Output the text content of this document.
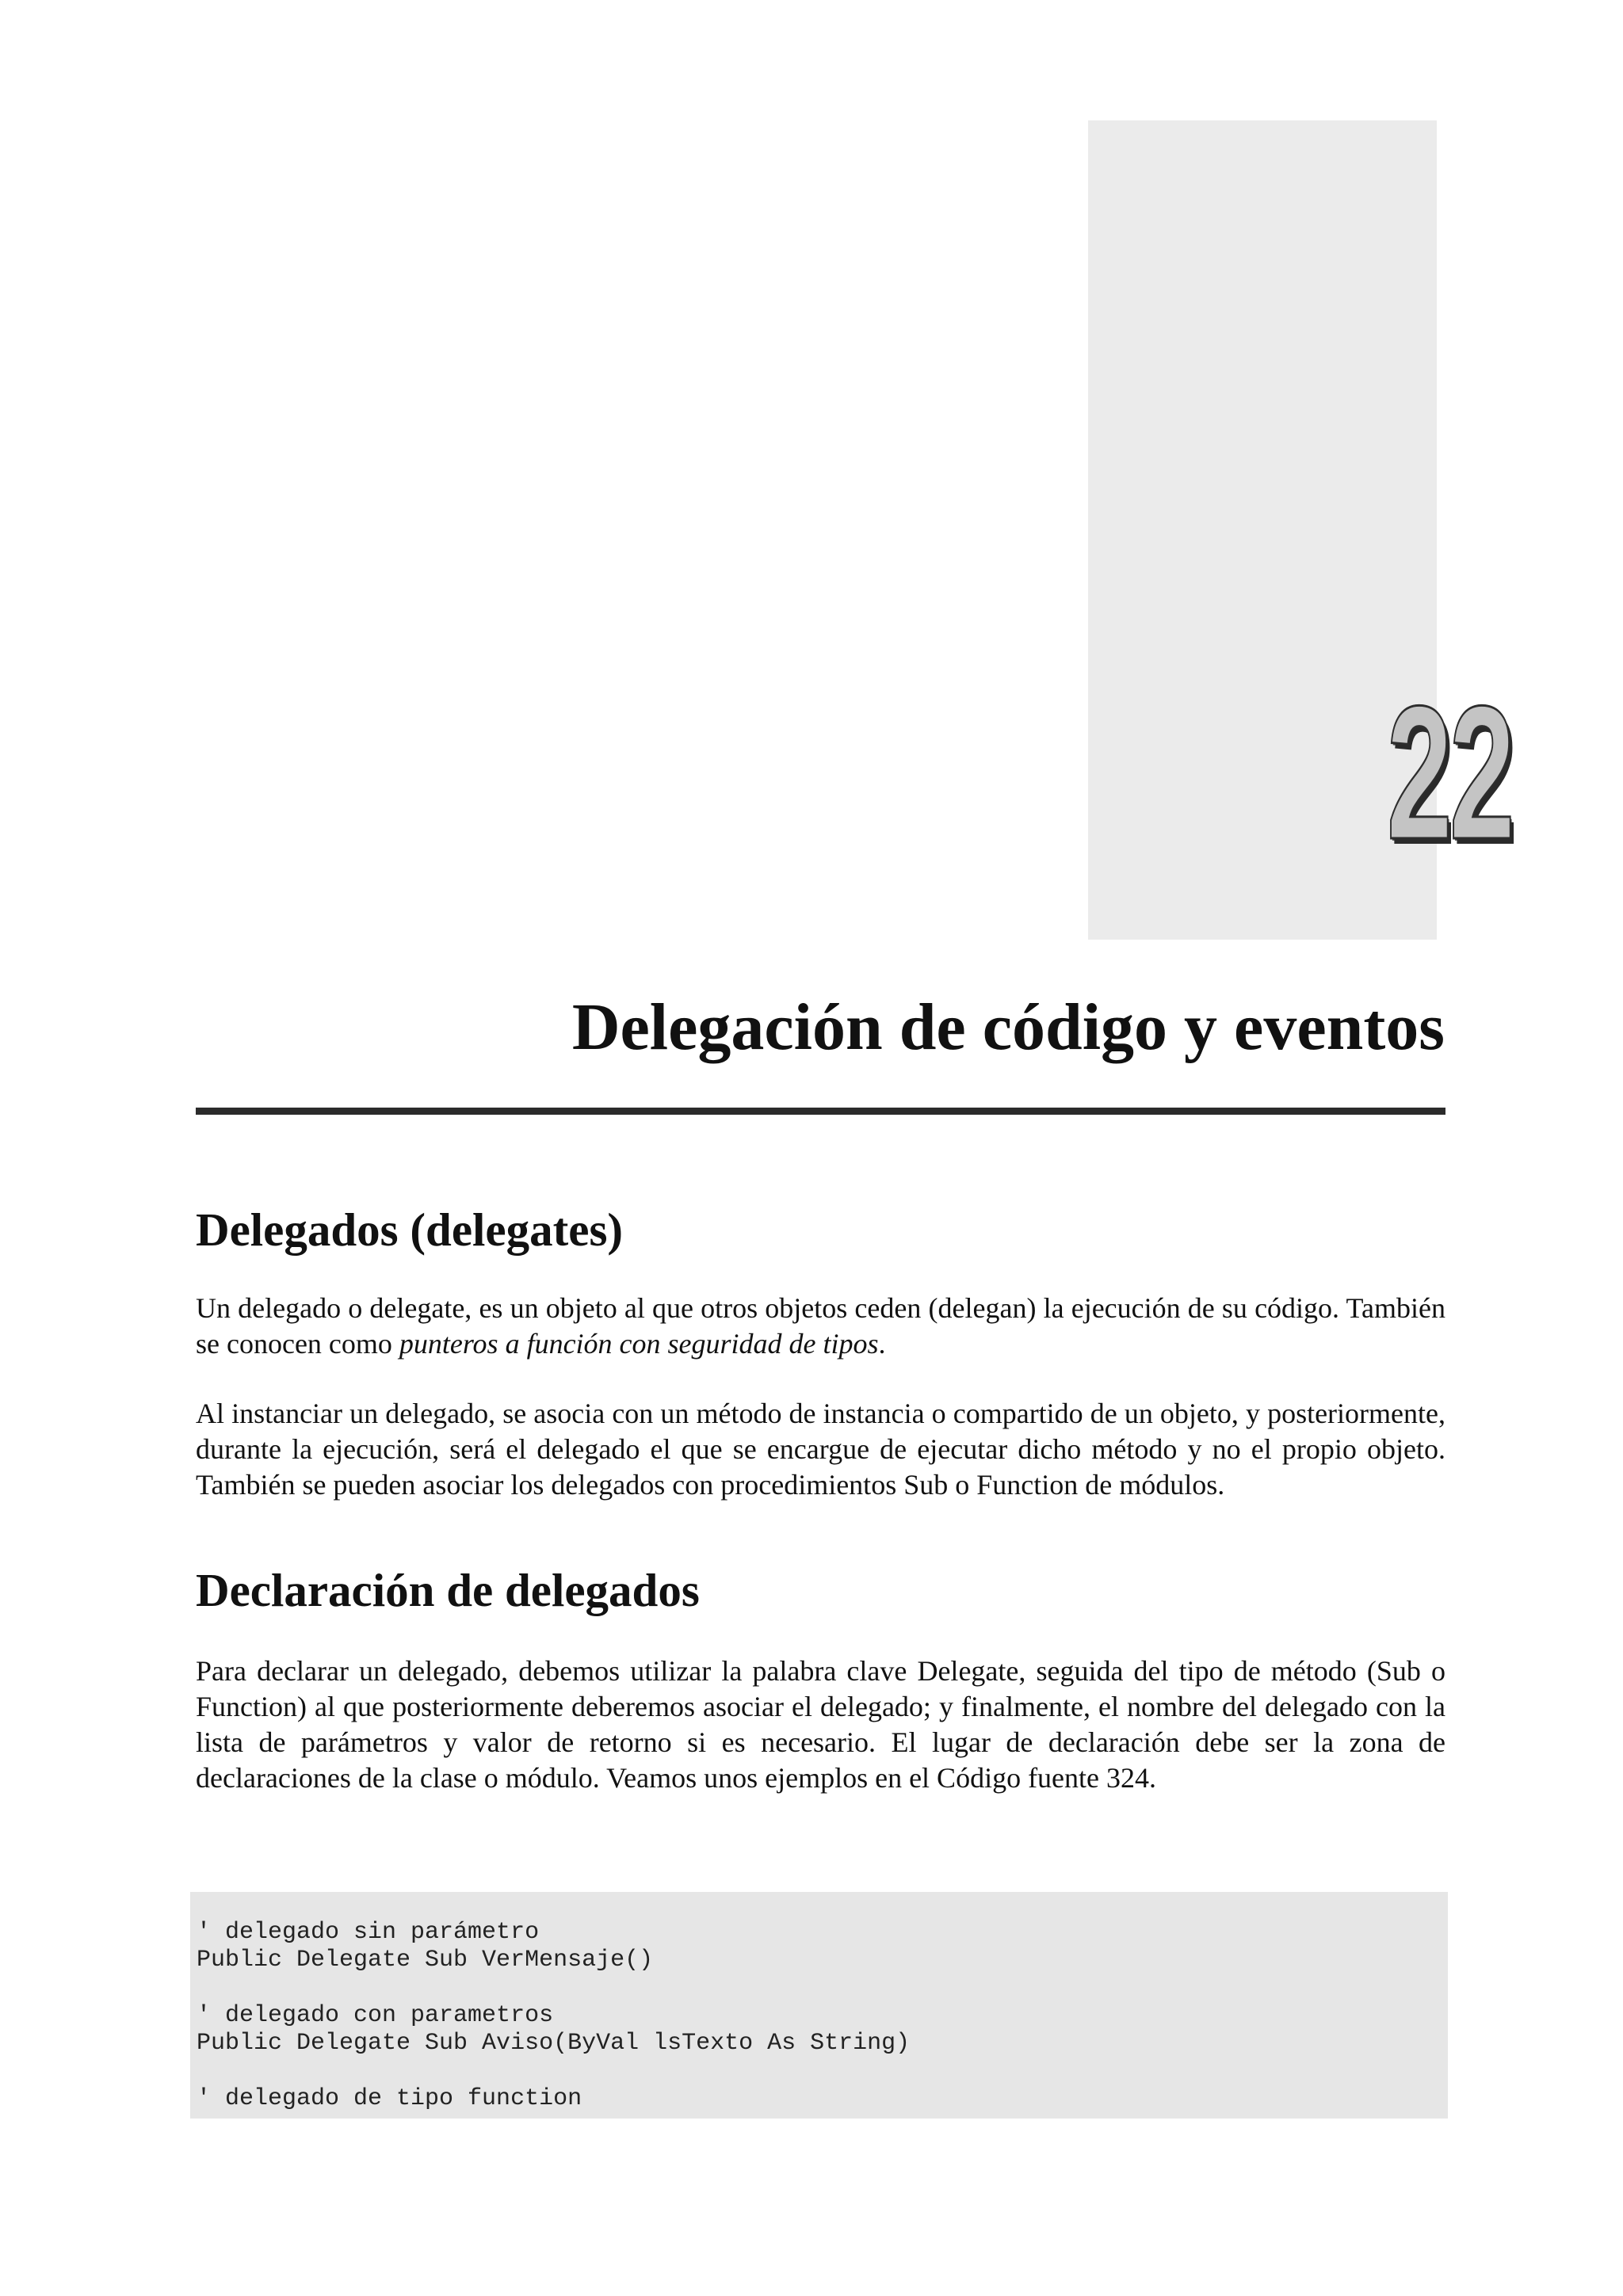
22
Delegación de código y eventos
Delegados (delegates)

Un delegado o delegate, es un objeto al que otros objetos ceden (delegan) la ejecución de su código. También se conocen como punteros a función con seguridad de tipos.

Al instanciar un delegado, se asocia con un método de instancia o compartido de un objeto, y posteriormente, durante la ejecución, será el delegado el que se encargue de ejecutar dicho método y no el propio objeto. También se pueden asociar los delegados con procedimientos Sub o Function de módulos.

Declaración de delegados

Para declarar un delegado, debemos utilizar la palabra clave Delegate, seguida del tipo de método (Sub o Function) al que posteriormente deberemos asociar el delegado; y finalmente, el nombre del delegado con la lista de parámetros y valor de retorno si es necesario. El lugar de declaración debe ser la zona de declaraciones de la clase o módulo. Veamos unos ejemplos en el Código fuente 324.

' delegado sin parámetro
Public Delegate Sub VerMensaje()
' delegado con parametros
Public Delegate Sub Aviso(ByVal lsTexto As String)
' delegado de tipo function
